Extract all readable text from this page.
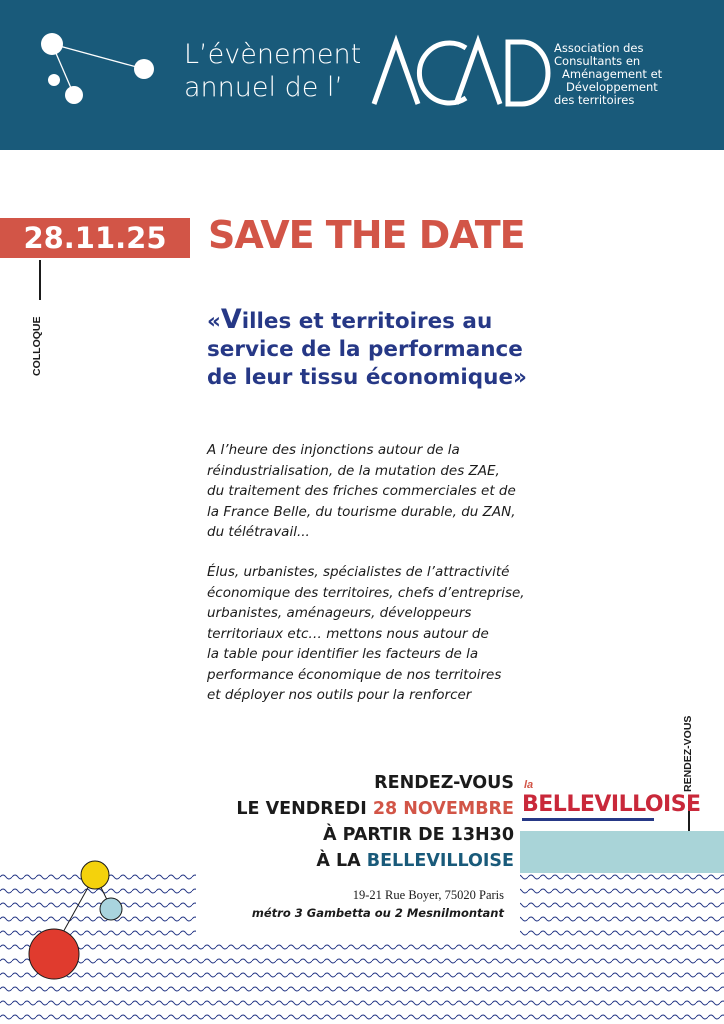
L’évènement
annuel de l’
ACAD
Association des
Consultants en
Aménagement et
Développement
des territoires
28.11.25	SAVE THE DATE
COLLOQUE	«Villes et territoires au service de la performance de leur tissu économique»
A l’heure des injonctions autour de la
réindustrialisation, de la mutation des ZAE,
du traitement des friches commerciales et de
la France Belle, du tourisme durable, du ZAN,
du télétravail...
Élus, urbanistes, spécialistes de l’attractivité
économique des territoires, chefs d’entreprise,
urbanistes, aménageurs, développeurs
territoriaux etc… mettons nous autour de
la table pour identifier les facteurs de la
performance économique de nos territoires
et déployer nos outils pour la renforcer
RENDEZ-VOUS
RENDEZ-VOUS
LE VENDREDI 28 NOVEMBRE
À PARTIR DE 13H30
À LA BELLEVILLOISE
19-21 Rue Boyer, 75020 Paris
métro 3 Gambetta ou 2 Mesnilmontant
la
BELLEVILLOISE
